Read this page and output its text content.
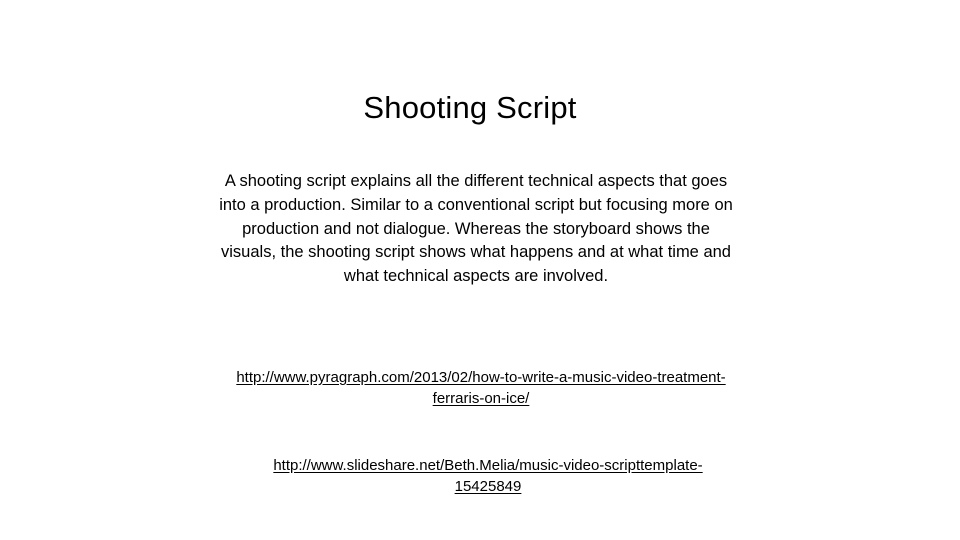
Shooting Script
A shooting script explains all the different technical aspects that goes into a production. Similar to a conventional script but focusing more on production and not dialogue. Whereas the storyboard shows the visuals, the shooting script shows what happens and at what time and what technical aspects are involved.
http://www.pyragraph.com/2013/02/how-to-write-a-music-video-treatment-ferraris-on-ice/
http://www.slideshare.net/Beth.Melia/music-video-scripttemplate-15425849
